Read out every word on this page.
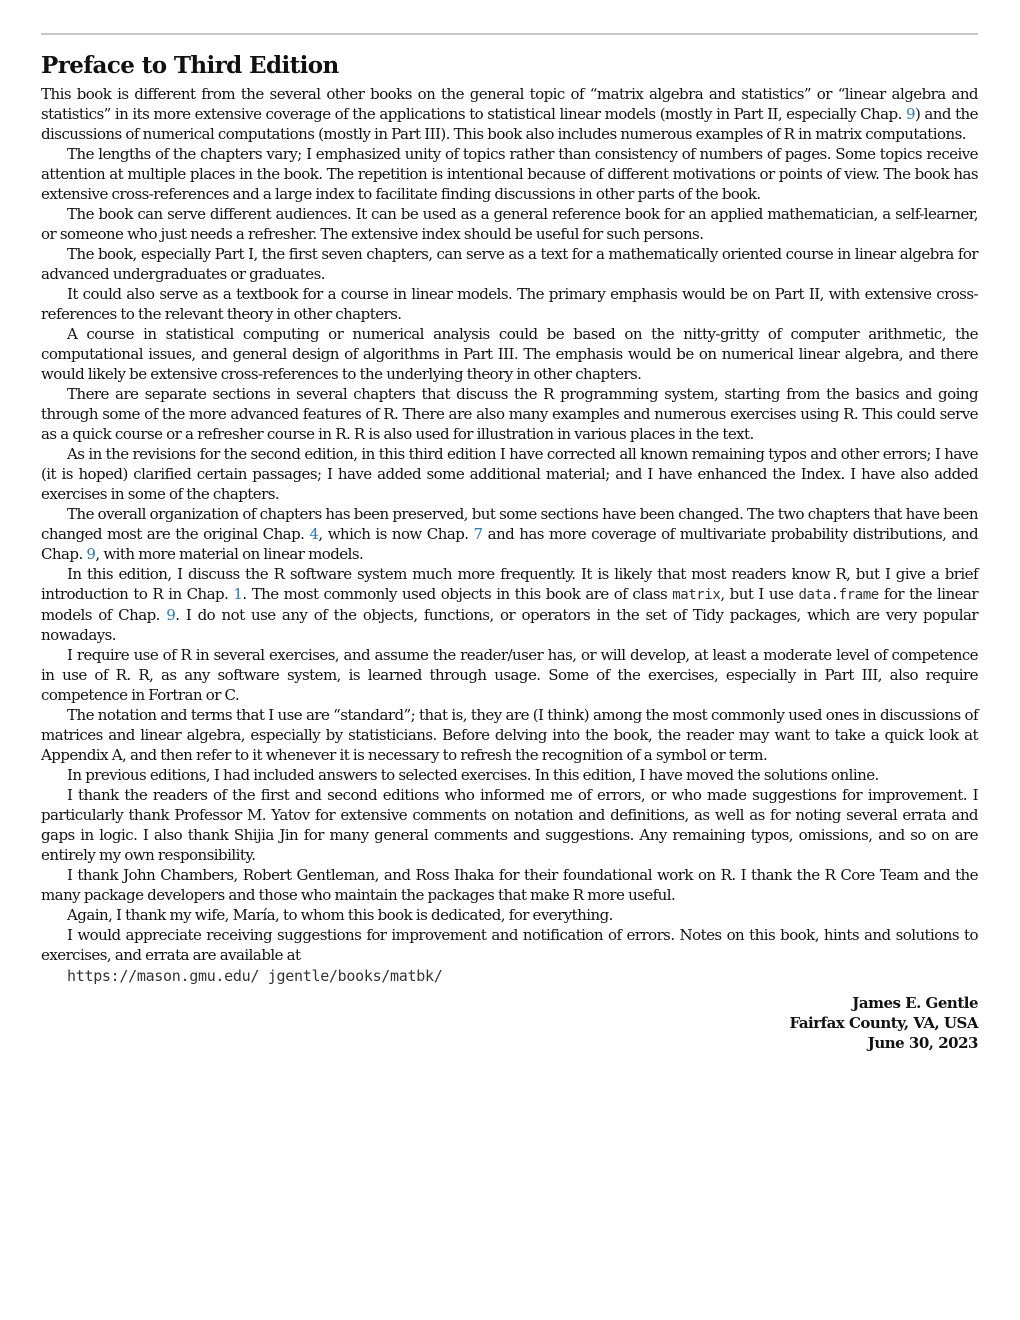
Preface to Third Edition

This book is different from the several other books on the general topic of “matrix algebra and statistics” or “linear algebra and statistics” in its more extensive coverage of the applications to statistical linear models (mostly in Part II, especially Chap. 9) and the discussions of numerical computations (mostly in Part III). This book also includes numerous examples of R in matrix computations.

The lengths of the chapters vary; I emphasized unity of topics rather than consistency of numbers of pages. Some topics receive attention at multiple places in the book. The repetition is intentional because of different motivations or points of view. The book has extensive cross-references and a large index to facilitate finding discussions in other parts of the book.

The book can serve different audiences. It can be used as a general reference book for an applied mathematician, a self-learner, or someone who just needs a refresher. The extensive index should be useful for such persons.

The book, especially Part I, the first seven chapters, can serve as a text for a mathematically oriented course in linear algebra for advanced undergraduates or graduates.

It could also serve as a textbook for a course in linear models. The primary emphasis would be on Part II, with extensive cross-references to the relevant theory in other chapters.

A course in statistical computing or numerical analysis could be based on the nitty-gritty of computer arithmetic, the computational issues, and general design of algorithms in Part III. The emphasis would be on numerical linear algebra, and there would likely be extensive cross-references to the underlying theory in other chapters.

There are separate sections in several chapters that discuss the R programming system, starting from the basics and going through some of the more advanced features of R. There are also many examples and numerous exercises using R. This could serve as a quick course or a refresher course in R. R is also used for illustration in various places in the text.

As in the revisions for the second edition, in this third edition I have corrected all known remaining typos and other errors; I have (it is hoped) clarified certain passages; I have added some additional material; and I have enhanced the Index. I have also added exercises in some of the chapters.

The overall organization of chapters has been preserved, but some sections have been changed. The two chapters that have been changed most are the original Chap. 4, which is now Chap. 7 and has more coverage of multivariate probability distributions, and Chap. 9, with more material on linear models.

In this edition, I discuss the R software system much more frequently. It is likely that most readers know R, but I give a brief introduction to R in Chap. 1. The most commonly used objects in this book are of class matrix, but I use data.frame for the linear models of Chap. 9. I do not use any of the objects, functions, or operators in the set of Tidy packages, which are very popular nowadays.

I require use of R in several exercises, and assume the reader/user has, or will develop, at least a moderate level of competence in use of R. R, as any software system, is learned through usage. Some of the exercises, especially in Part III, also require competence in Fortran or C.

The notation and terms that I use are “standard”; that is, they are (I think) among the most commonly used ones in discussions of matrices and linear algebra, especially by statisticians. Before delving into the book, the reader may want to take a quick look at Appendix A, and then refer to it whenever it is necessary to refresh the recognition of a symbol or term.

In previous editions, I had included answers to selected exercises. In this edition, I have moved the solutions online.

I thank the readers of the first and second editions who informed me of errors, or who made suggestions for improvement. I particularly thank Professor M. Yatov for extensive comments on notation and definitions, as well as for noting several errata and gaps in logic. I also thank Shijia Jin for many general comments and suggestions. Any remaining typos, omissions, and so on are entirely my own responsibility.

I thank John Chambers, Robert Gentleman, and Ross Ihaka for their foundational work on R. I thank the R Core Team and the many package developers and those who maintain the packages that make R more useful.

Again, I thank my wife, María, to whom this book is dedicated, for everything.

I would appreciate receiving suggestions for improvement and notification of errors. Notes on this book, hints and solutions to exercises, and errata are available at

https://mason.gmu.edu/ jgentle/books/matbk/

James E. Gentle
Fairfax County, VA, USA
June 30, 2023
